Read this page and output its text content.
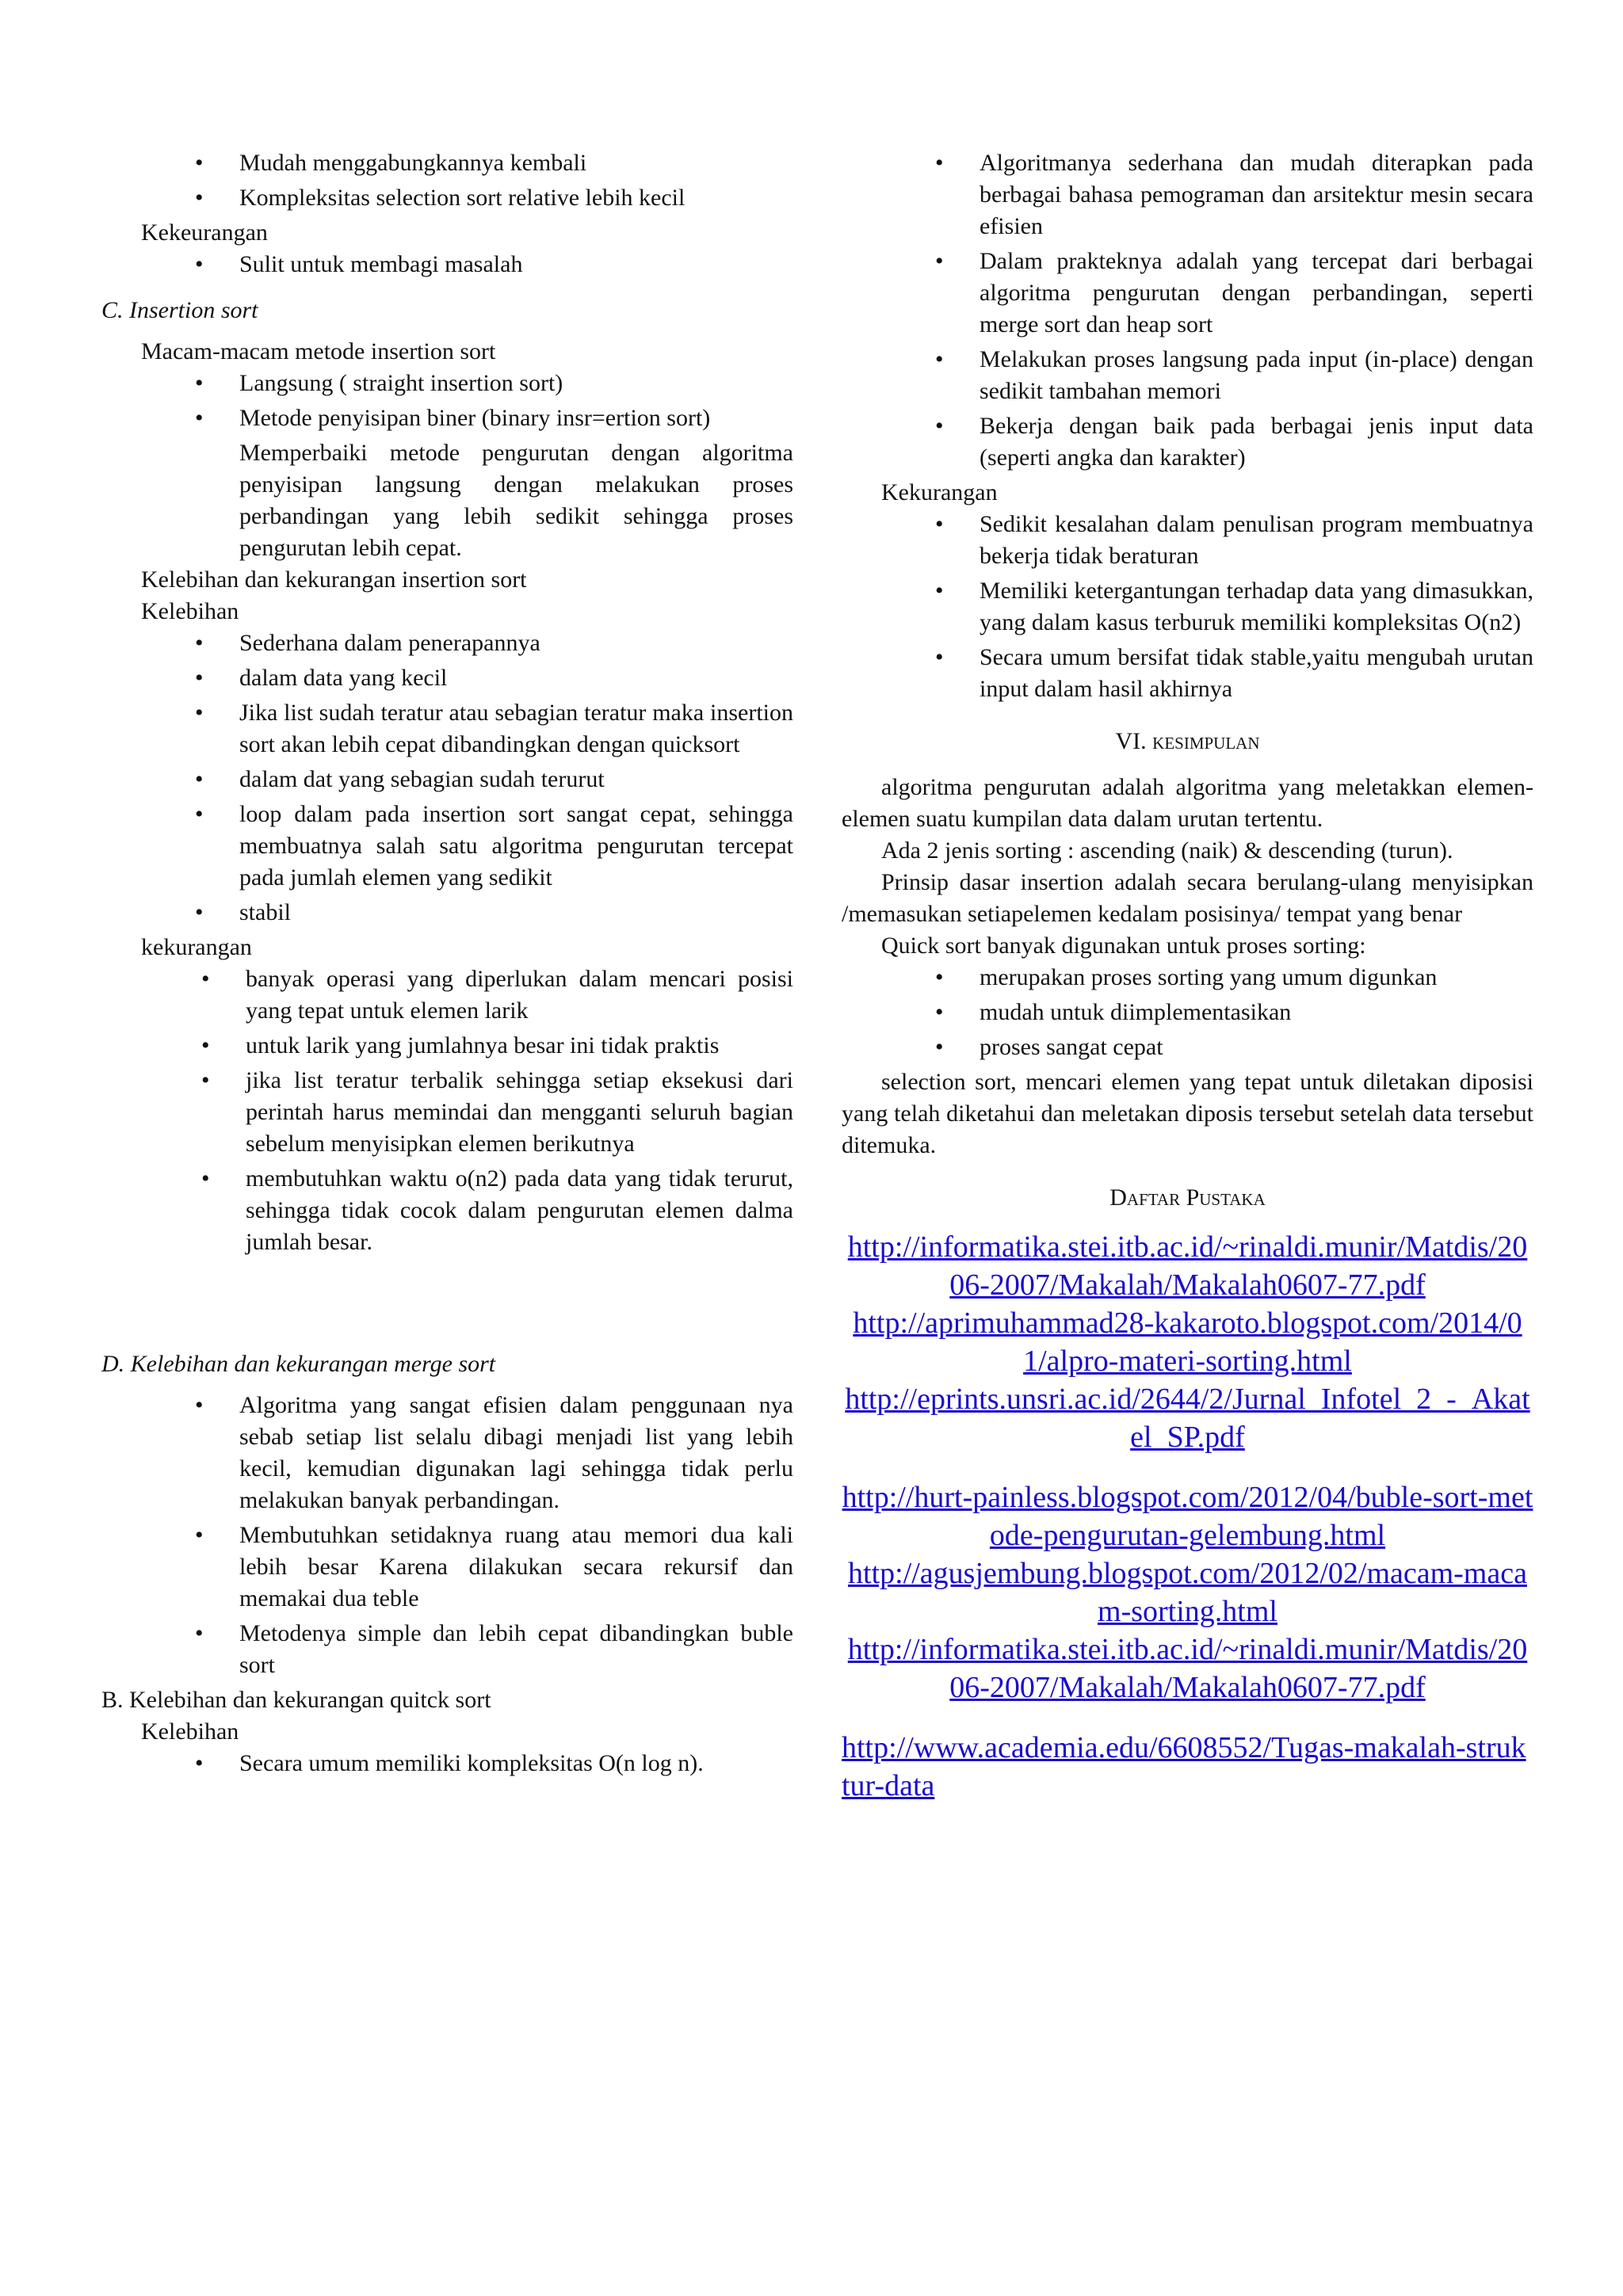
• Mudah menggabungkannya kembali
• Kompleksitas selection sort relative lebih kecil

Kekeurangan

• Sulit untuk membagi masalah

C. Insertion sort

Macam-macam metode insertion sort

• Langsung ( straight insertion sort)
• Metode penyisipan biner (binary insr=ertion sort)

Memperbaiki metode pengurutan dengan algoritma penyisipan langsung dengan melakukan proses perbandingan yang lebih sedikit sehingga proses pengurutan lebih cepat.

Kelebihan dan kekurangan insertion sort

Kelebihan

• Sederhana dalam penerapannya
• dalam data yang kecil
• Jika list sudah teratur atau sebagian teratur maka insertion sort akan lebih cepat dibandingkan dengan quicksort
• dalam dat yang sebagian sudah terurut
• loop dalam pada insertion sort sangat cepat, sehingga membuatnya salah satu algoritma pengurutan tercepat pada jumlah elemen yang sedikit
• stabil

kekurangan

• banyak operasi yang diperlukan dalam mencari posisi yang tepat untuk elemen larik
• untuk larik yang jumlahnya besar ini tidak praktis
• jika list teratur terbalik sehingga setiap eksekusi dari perintah harus memindai dan mengganti seluruh bagian sebelum menyisipkan elemen berikutnya
• membutuhkan waktu o(n2) pada data yang tidak terurut, sehingga tidak cocok dalam pengurutan elemen dalma jumlah besar.

D. Kelebihan dan kekurangan merge sort

• Algoritma yang sangat efisien dalam penggunaan nya sebab setiap list selalu dibagi menjadi list yang lebih kecil, kemudian digunakan lagi sehingga tidak perlu melakukan banyak perbandingan.
• Membutuhkan setidaknya ruang atau memori dua kali lebih besar Karena dilakukan secara rekursif dan memakai dua teble
• Metodenya simple dan lebih cepat dibandingkan buble sort

B. Kelebihan dan kekurangan quitck sort

Kelebihan

• Secara umum memiliki kompleksitas O(n log n).
• Algoritmanya sederhana dan mudah diterapkan pada berbagai bahasa pemograman dan arsitektur mesin secara efisien
• Dalam prakteknya adalah yang tercepat dari berbagai algoritma pengurutan dengan perbandingan, seperti merge sort dan heap sort
• Melakukan proses langsung pada input (in-place) dengan sedikit tambahan memori
• Bekerja dengan baik pada berbagai jenis input data (seperti angka dan karakter)

Kekurangan

• Sedikit kesalahan dalam penulisan program membuatnya bekerja tidak beraturan
• Memiliki ketergantungan terhadap data yang dimasukkan, yang dalam kasus terburuk memiliki kompleksitas O(n2)
• Secara umum bersifat tidak stable,yaitu mengubah urutan input dalam hasil akhirnya

VI. kesimpulan

algoritma pengurutan adalah algoritma yang meletakkan elemen-elemen suatu kumpilan data dalam urutan tertentu.

Ada 2 jenis sorting : ascending (naik) & descending (turun).

Prinsip dasar insertion adalah secara berulang-ulang menyisipkan /memasukan setiapelemen kedalam posisinya/ tempat yang benar

Quick sort banyak digunakan untuk proses sorting:

• merupakan proses sorting yang umum digunkan
• mudah untuk diimplementasikan
• proses sangat cepat

selection sort, mencari elemen yang tepat untuk diletakan diposisi yang telah diketahui dan meletakan diposis tersebut setelah data tersebut ditemuka.

Daftar Pustaka

http://informatika.stei.itb.ac.id/~rinaldi.munir/Matdis/2006-2007/Makalah/Makalah0607-77.pdf
http://aprimuhammad28-kakaroto.blogspot.com/2014/01/alpro-materi-sorting.html
http://eprints.unsri.ac.id/2644/2/Jurnal_Infotel_2_-_Akatel_SP.pdf
http://hurt-painless.blogspot.com/2012/04/buble-sort-metode-pengurutan-gelembung.html
http://agusjembung.blogspot.com/2012/02/macam-macam-sorting.html
http://informatika.stei.itb.ac.id/~rinaldi.munir/Matdis/2006-2007/Makalah/Makalah0607-77.pdf
http://www.academia.edu/6608552/Tugas-makalah-struktur-data
